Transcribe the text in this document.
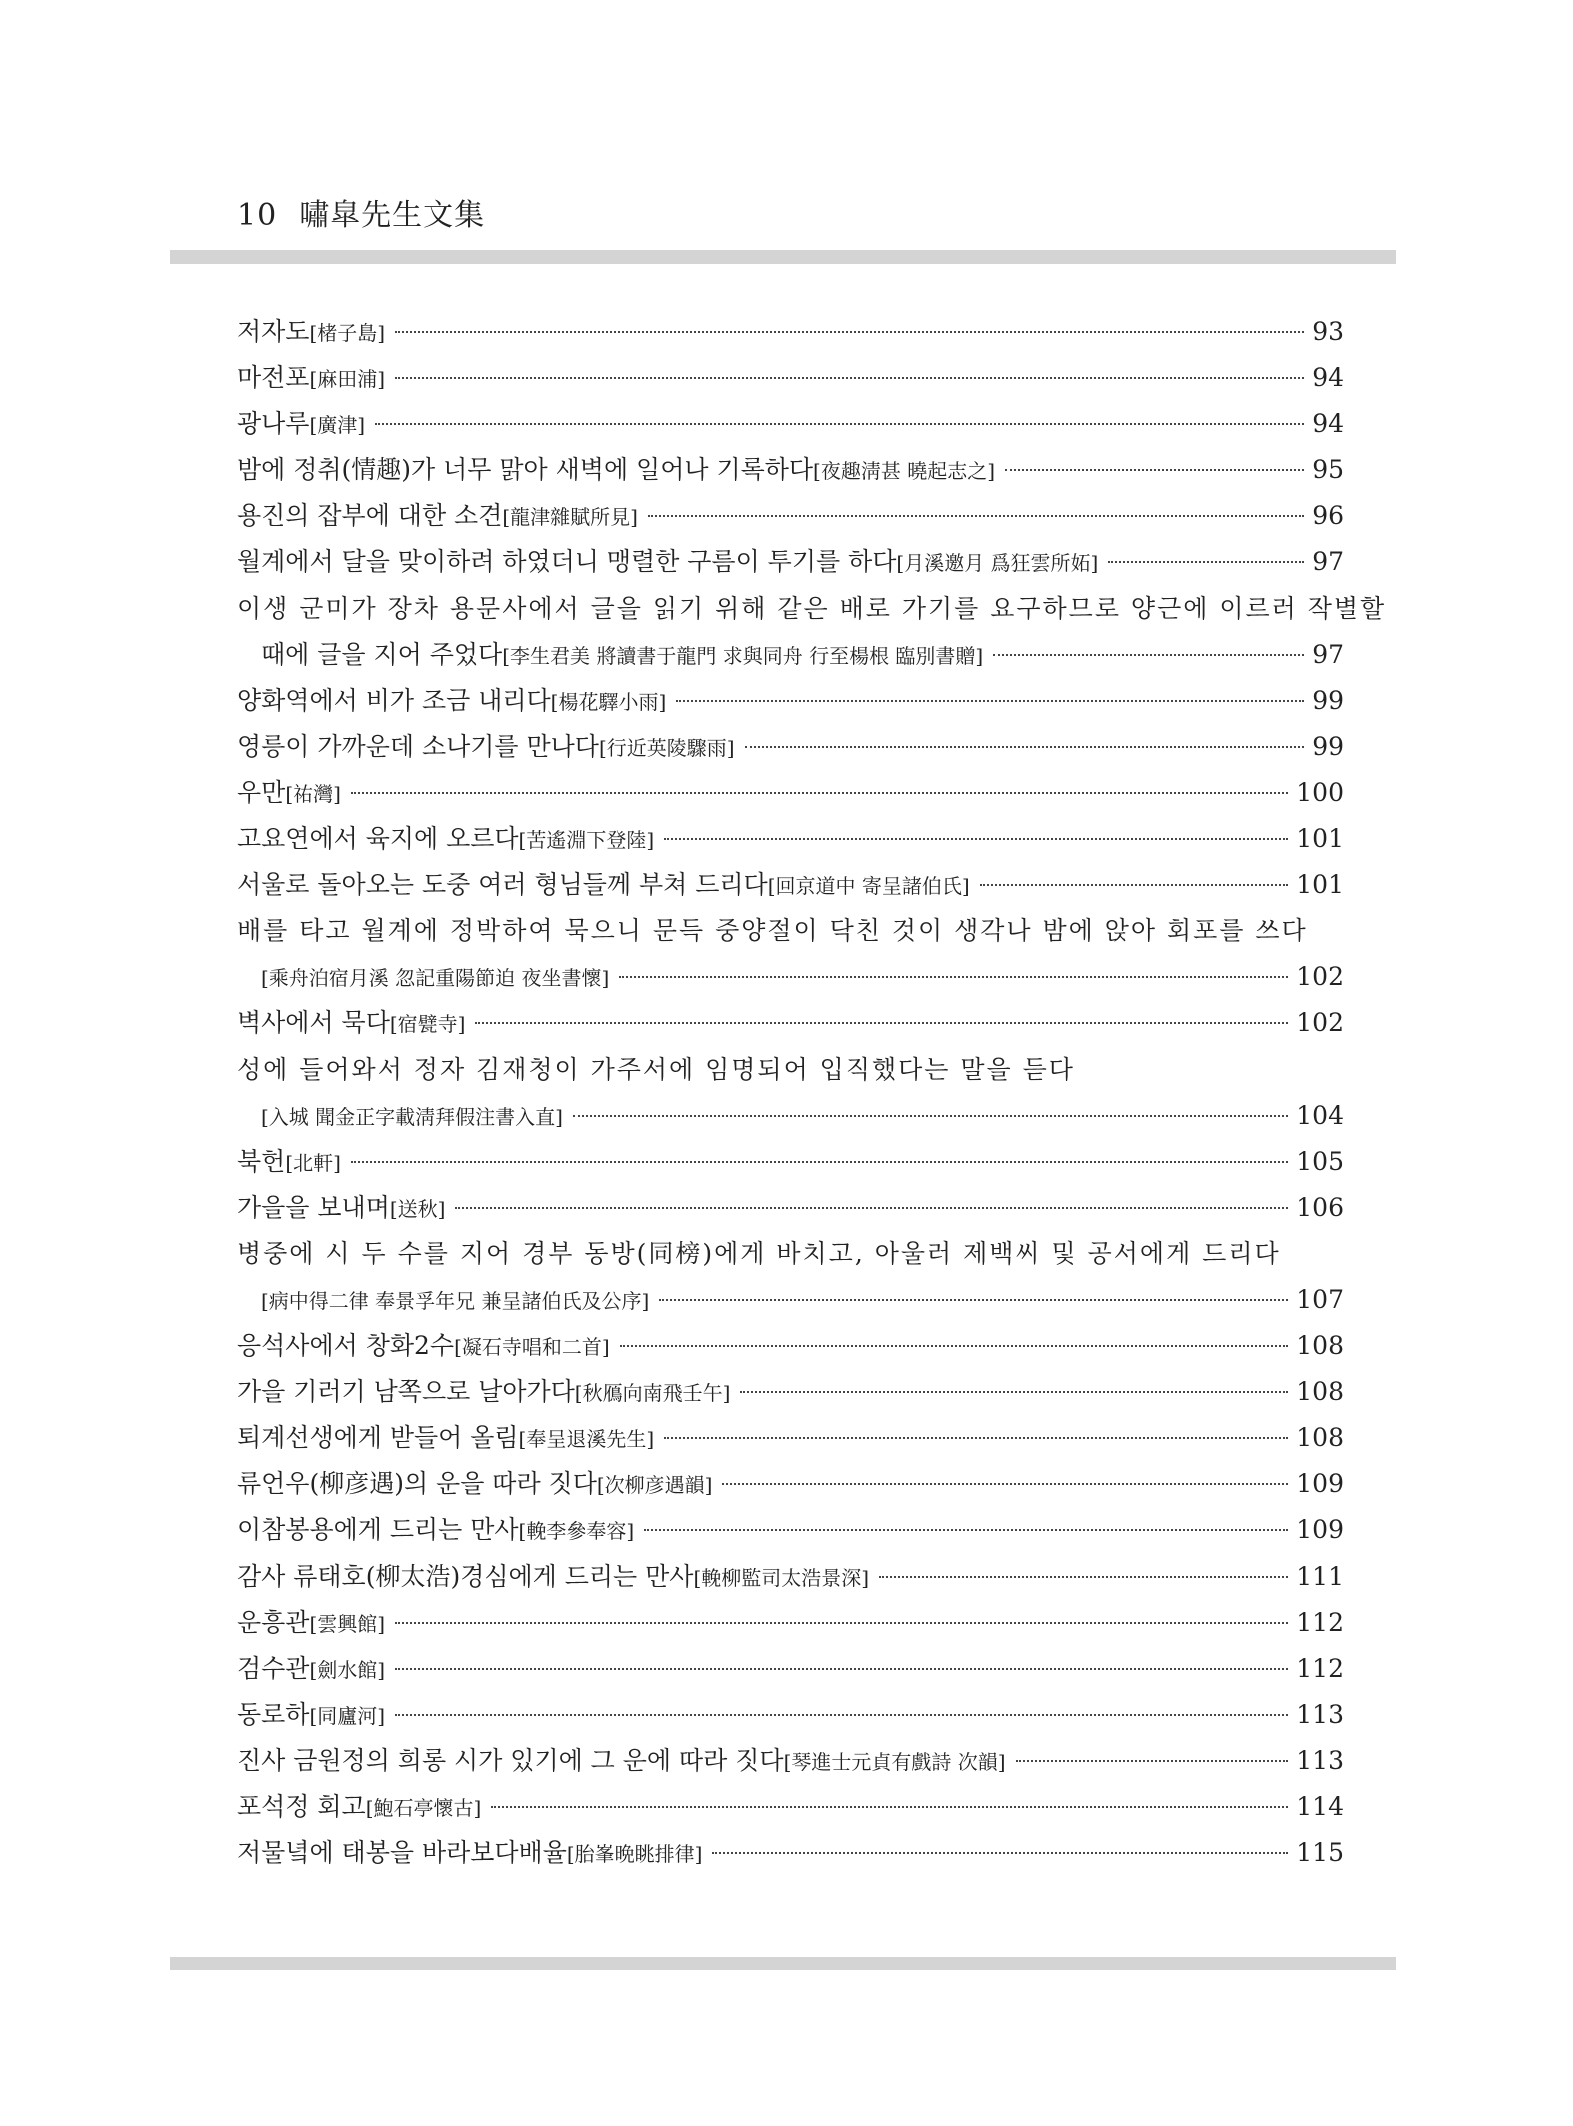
10 嘯皐先生文集
저자도 [楮子島]	93
마전포 [麻田浦]	94
광나루 [廣津]	94
밤에 정취(情趣)가 너무 맑아 새벽에 일어나 기록하다 [夜趣淸甚 曉起志之]	95
용진의 잡부에 대한 소견 [龍津雜賦所見]	96
월계에서 달을 맞이하려 하였더니 맹렬한 구름이 투기를 하다 [月溪邀月 爲狂雲所妬]	97
이생 군미가 장차 용문사에서 글을 읽기 위해 같은 배로 가기를 요구하므로 양근에 이르러 작별할
때에 글을 지어 주었다 [李生君美 將讀書于龍門 求與同舟 行至楊根 臨別書贈]	97
양화역에서 비가 조금 내리다 [楊花驛小雨]	99
영릉이 가까운데 소나기를 만나다 [行近英陵驟雨]	99
우만 [祐灣]	100
고요연에서 육지에 오르다 [苦遙淵下登陸]	101
서울로 돌아오는 도중 여러 형님들께 부쳐 드리다 [回京道中 寄呈諸伯氏]	101
배를 타고 월계에 정박하여 묵으니 문득 중양절이 닥친 것이 생각나 밤에 앉아 회포를 쓰다
[乘舟泊宿月溪 忽記重陽節迫 夜坐書懷]	102
벽사에서 묵다 [宿甓寺]	102
성에 들어와서 정자 김재청이 가주서에 임명되어 입직했다는 말을 듣다
[入城 聞金正字載淸拜假注書入直]	104
북헌 [北軒]	105
가을을 보내며 [送秋]	106
병중에 시 두 수를 지어 경부 동방(同榜)에게 바치고, 아울러 제백씨 및 공서에게 드리다
[病中得二律 奉景孚年兄 兼呈諸伯氏及公序]	107
응석사에서 창화2수 [凝石寺唱和二首]	108
가을 기러기 남쪽으로 날아가다 [秋鴈向南飛壬午]	108
퇴계선생에게 받들어 올림 [奉呈退溪先生]	108
류언우(柳彦遇)의 운을 따라 짓다 [次柳彦遇韻]	109
이참봉용에게 드리는 만사 [輓李參奉容]	109
감사 류태호(柳太浩)경심에게 드리는 만사 [輓柳監司太浩景深]	111
운흥관 [雲興館]	112
검수관 [劍水館]	112
동로하 [同廬河]	113
진사 금원정의 희롱 시가 있기에 그 운에 따라 짓다 [琴進士元貞有戲詩 次韻]	113
포석정 회고 [鮑石亭懷古]	114
저물녘에 태봉을 바라보다배율 [胎峯晩眺排律]	115
